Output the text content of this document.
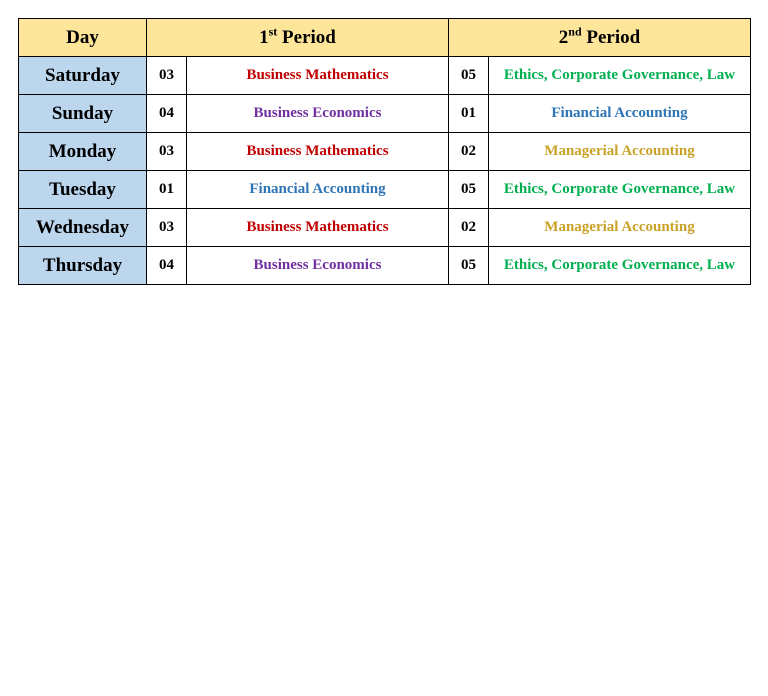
Day	1st Period		2nd Period	
Saturday	03	Business Mathematics	05	Ethics, Corporate Governance, Law
Sunday	04	Business Economics	01	Financial Accounting
Monday	03	Business Mathematics	02	Managerial Accounting
Tuesday	01	Financial Accounting	05	Ethics, Corporate Governance, Law
Wednesday	03	Business Mathematics	02	Managerial Accounting
Thursday	04	Business Economics	05	Ethics, Corporate Governance, Law
